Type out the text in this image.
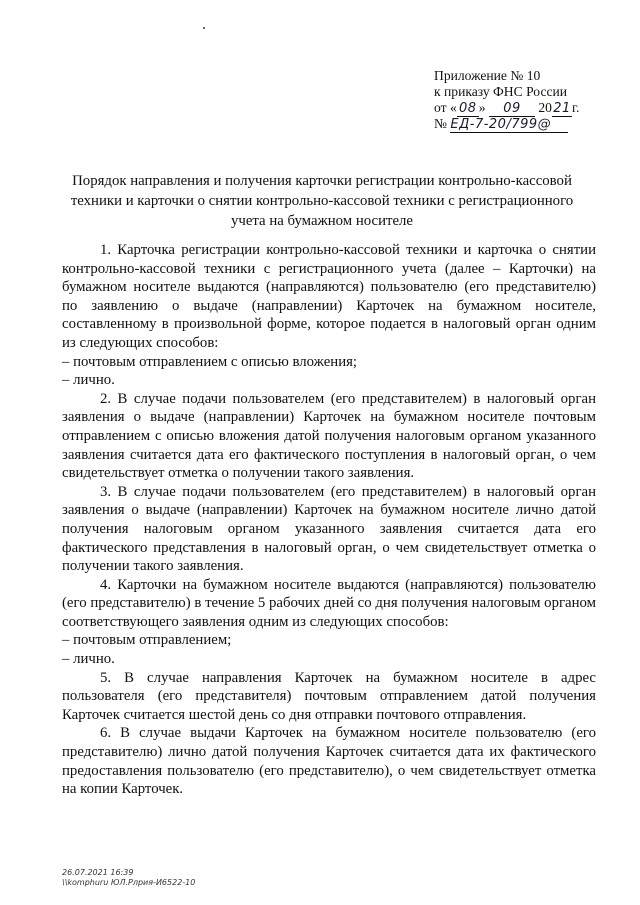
Приложение № 10
к приказу ФНС России
от « 08 » 09 2021г.
№ ЕД-7-20/799@
Порядок направления и получения карточки регистрации контрольно-кассовой
техники и карточки о снятии контрольно-кассовой техники с регистрационного
учета на бумажном носителе

1. Карточка регистрации контрольно-кассовой техники и карточка о снятии контрольно-кассовой техники с регистрационного учета (далее – Карточки) на бумажном носителе выдаются (направляются) пользователю (его представителю) по заявлению о выдаче (направлении) Карточек на бумажном носителе, составленному в произвольной форме, которое подается в налоговый орган одним из следующих способов:

– почтовым отправлением с описью вложения;

– лично.

2. В случае подачи пользователем (его представителем) в налоговый орган заявления о выдаче (направлении) Карточек на бумажном носителе почтовым отправлением с описью вложения датой получения налоговым органом указанного заявления считается дата его фактического поступления в налоговый орган, о чем свидетельствует отметка о получении такого заявления.

3. В случае подачи пользователем (его представителем) в налоговый орган заявления о выдаче (направлении) Карточек на бумажном носителе лично датой получения налоговым органом указанного заявления считается дата его фактического представления в налоговый орган, о чем свидетельствует отметка о получении такого заявления.

4. Карточки на бумажном носителе выдаются (направляются) пользователю (его представителю) в течение 5 рабочих дней со дня получения налоговым органом соответствующего заявления одним из следующих способов:

– почтовым отправлением;

– лично.

5. В случае направления Карточек на бумажном носителе в адрес пользователя (его представителя) почтовым отправлением датой получения Карточек считается шестой день со дня отправки почтового отправления.

6. В случае выдачи Карточек на бумажном носителе пользователю (его представителю) лично датой получения Карточек считается дата их фактического предоставления пользователю (его представителю), о чем свидетельствует отметка на копии Карточек.

26.07.2021 16:39
\\komphuru ЮЛ.Рлрия-И6522-10
